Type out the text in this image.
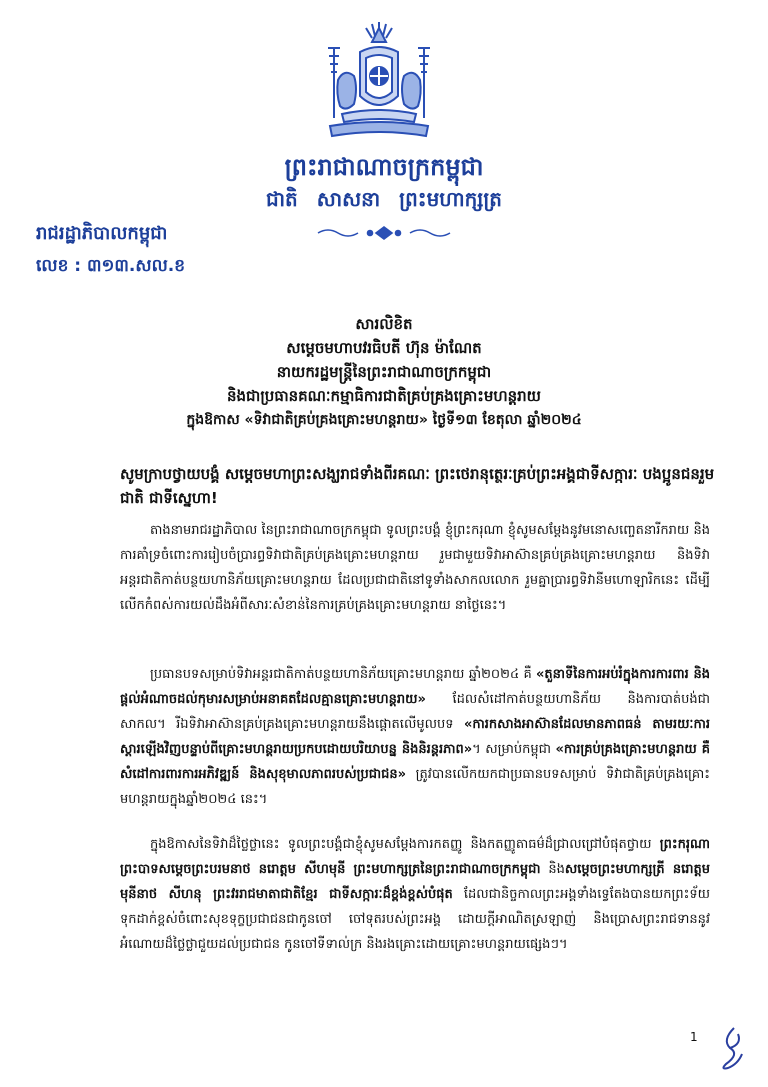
ព្រះរាជាណាចក្រកម្ពុជា
ជាតិ សាសនា ព្រះមហាក្សត្រ
រាជរដ្ឋាភិបាលកម្ពុជា
លេខ : ៣១៣.សល.ខ
សារលិខិត
សម្ដេចមហាបវរធិបតី ហ៊ុន ម៉ាណែត
នាយករដ្ឋមន្ត្រីនៃព្រះរាជាណាចក្រកម្ពុជា
និងជាប្រធានគណៈកម្មាធិការជាតិគ្រប់គ្រងគ្រោះមហន្តរាយ
ក្នុងឱកាស «ទិវាជាតិគ្រប់គ្រងគ្រោះមហន្តរាយ» ថ្ងៃទី១៣ ខែតុលា ឆ្នាំ២០២៤
សូមក្រាបថ្វាយបង្គំ សម្ដេចមហាព្រះសង្ឃរាជទាំងពីរគណៈ ព្រះថេរានុត្ថេរៈគ្រប់ព្រះអង្គជាទីសក្ការៈ បងប្អូនជនរួមជាតិ ជាទីស្នេហា!

តាងនាមរាជរដ្ឋាភិបាល នៃព្រះរាជាណាចក្រកម្ពុជា ទូលព្រះបង្គំ ខ្ញុំព្រះករុណា ខ្ញុំសូមសម្ដែងនូវមនោសញ្ចេតនារីករាយ និងការគាំទ្រចំពោះការរៀបចំប្រារព្ធទិវាជាតិគ្រប់គ្រងគ្រោះមហន្តរាយ រួមជាមួយទិវាអាស៊ានគ្រប់គ្រងគ្រោះមហន្តរាយ និងទិវាអន្តរជាតិកាត់បន្ថយហានិភ័យគ្រោះមហន្តរាយ ដែលប្រជាជាតិនៅទូទាំងសាកលលោក រួមគ្នាប្រារព្ធទិវានីមហោឡារិកនេះ ដើម្បីលើកកំពស់ការយល់ដឹងអំពីសារៈសំខាន់នៃការគ្រប់គ្រងគ្រោះមហន្តរាយ នាថ្ងៃនេះ។

ប្រធានបទសម្រាប់ទិវាអន្តរជាតិកាត់បន្ថយហានិភ័យគ្រោះមហន្តរាយ ឆ្នាំ២០២៤ គឺ «តួនាទីនៃការអប់រំក្នុងការការពារ និងផ្ដល់អំណាចដល់កុមារសម្រាប់អនាគតដែលគ្មានគ្រោះមហន្តរាយ» ដែលសំដៅកាត់បន្ថយហានិភ័យ និងការបាត់បង់ជាសាកល។ រីឯទិវាអាស៊ានគ្រប់គ្រងគ្រោះមហន្តរាយនឹងផ្ដោតលើមូលបទ «ការកសាងអាស៊ានដែលមានភាពធន់ តាមរយៈការស្តារឡើងវិញបន្ទាប់ពីគ្រោះមហន្តរាយប្រកបដោយបរិយាបន្ន និងនិរន្តរភាព»។ សម្រាប់កម្ពុជា «ការគ្រប់គ្រងគ្រោះមហន្តរាយ គឺសំដៅការពារការអភិវឌ្ឍន៍ និងសុខុមាលភាពរបស់ប្រជាជន» ត្រូវបានលើកយកជាប្រធានបទសម្រាប់ ទិវាជាតិគ្រប់គ្រងគ្រោះមហន្តរាយក្នុងឆ្នាំ២០២៤ នេះ។

ក្នុងឱកាសនៃទិវាដ៏ថ្លៃថ្លានេះ ទូលព្រះបង្គំជាខ្ញុំសូមសម្ដែងការកតញ្ញូ និងកតញ្ញូតាធម៌ដ៏ជ្រាលជ្រៅបំផុតថ្វាយ ព្រះករុណាព្រះបាទសម្ដេចព្រះបរមនាថ នរោត្តម សីហមុនី ព្រះមហាក្សត្រនៃព្រះរាជាណាចក្រកម្ពុជា និងសម្ដេចព្រះមហាក្សត្រី នរោត្តម មុនីនាថ សីហនុ ព្រះវររាជមាតាជាតិខ្មែរ ជាទីសក្ការៈដ៏ខ្ពង់ខ្ពស់បំផុត ដែលជានិច្ចកាលព្រះអង្គទាំងទ្វេតែងបានយកព្រះទ័យទុកដាក់ខ្ពស់ចំពោះសុខទុក្ខប្រជាជនជាកូនចៅ ចៅទុតរបស់ព្រះអង្គ ដោយក្ដីអាណិតស្រឡាញ់ និងប្រោសព្រះរាជទាននូវអំណោយដ៏ថ្លៃថ្លាជួយដល់ប្រជាជន កូនចៅទីទាល់ក្រ និងរងគ្រោះដោយគ្រោះមហន្តរាយផ្សេងៗ។

1
